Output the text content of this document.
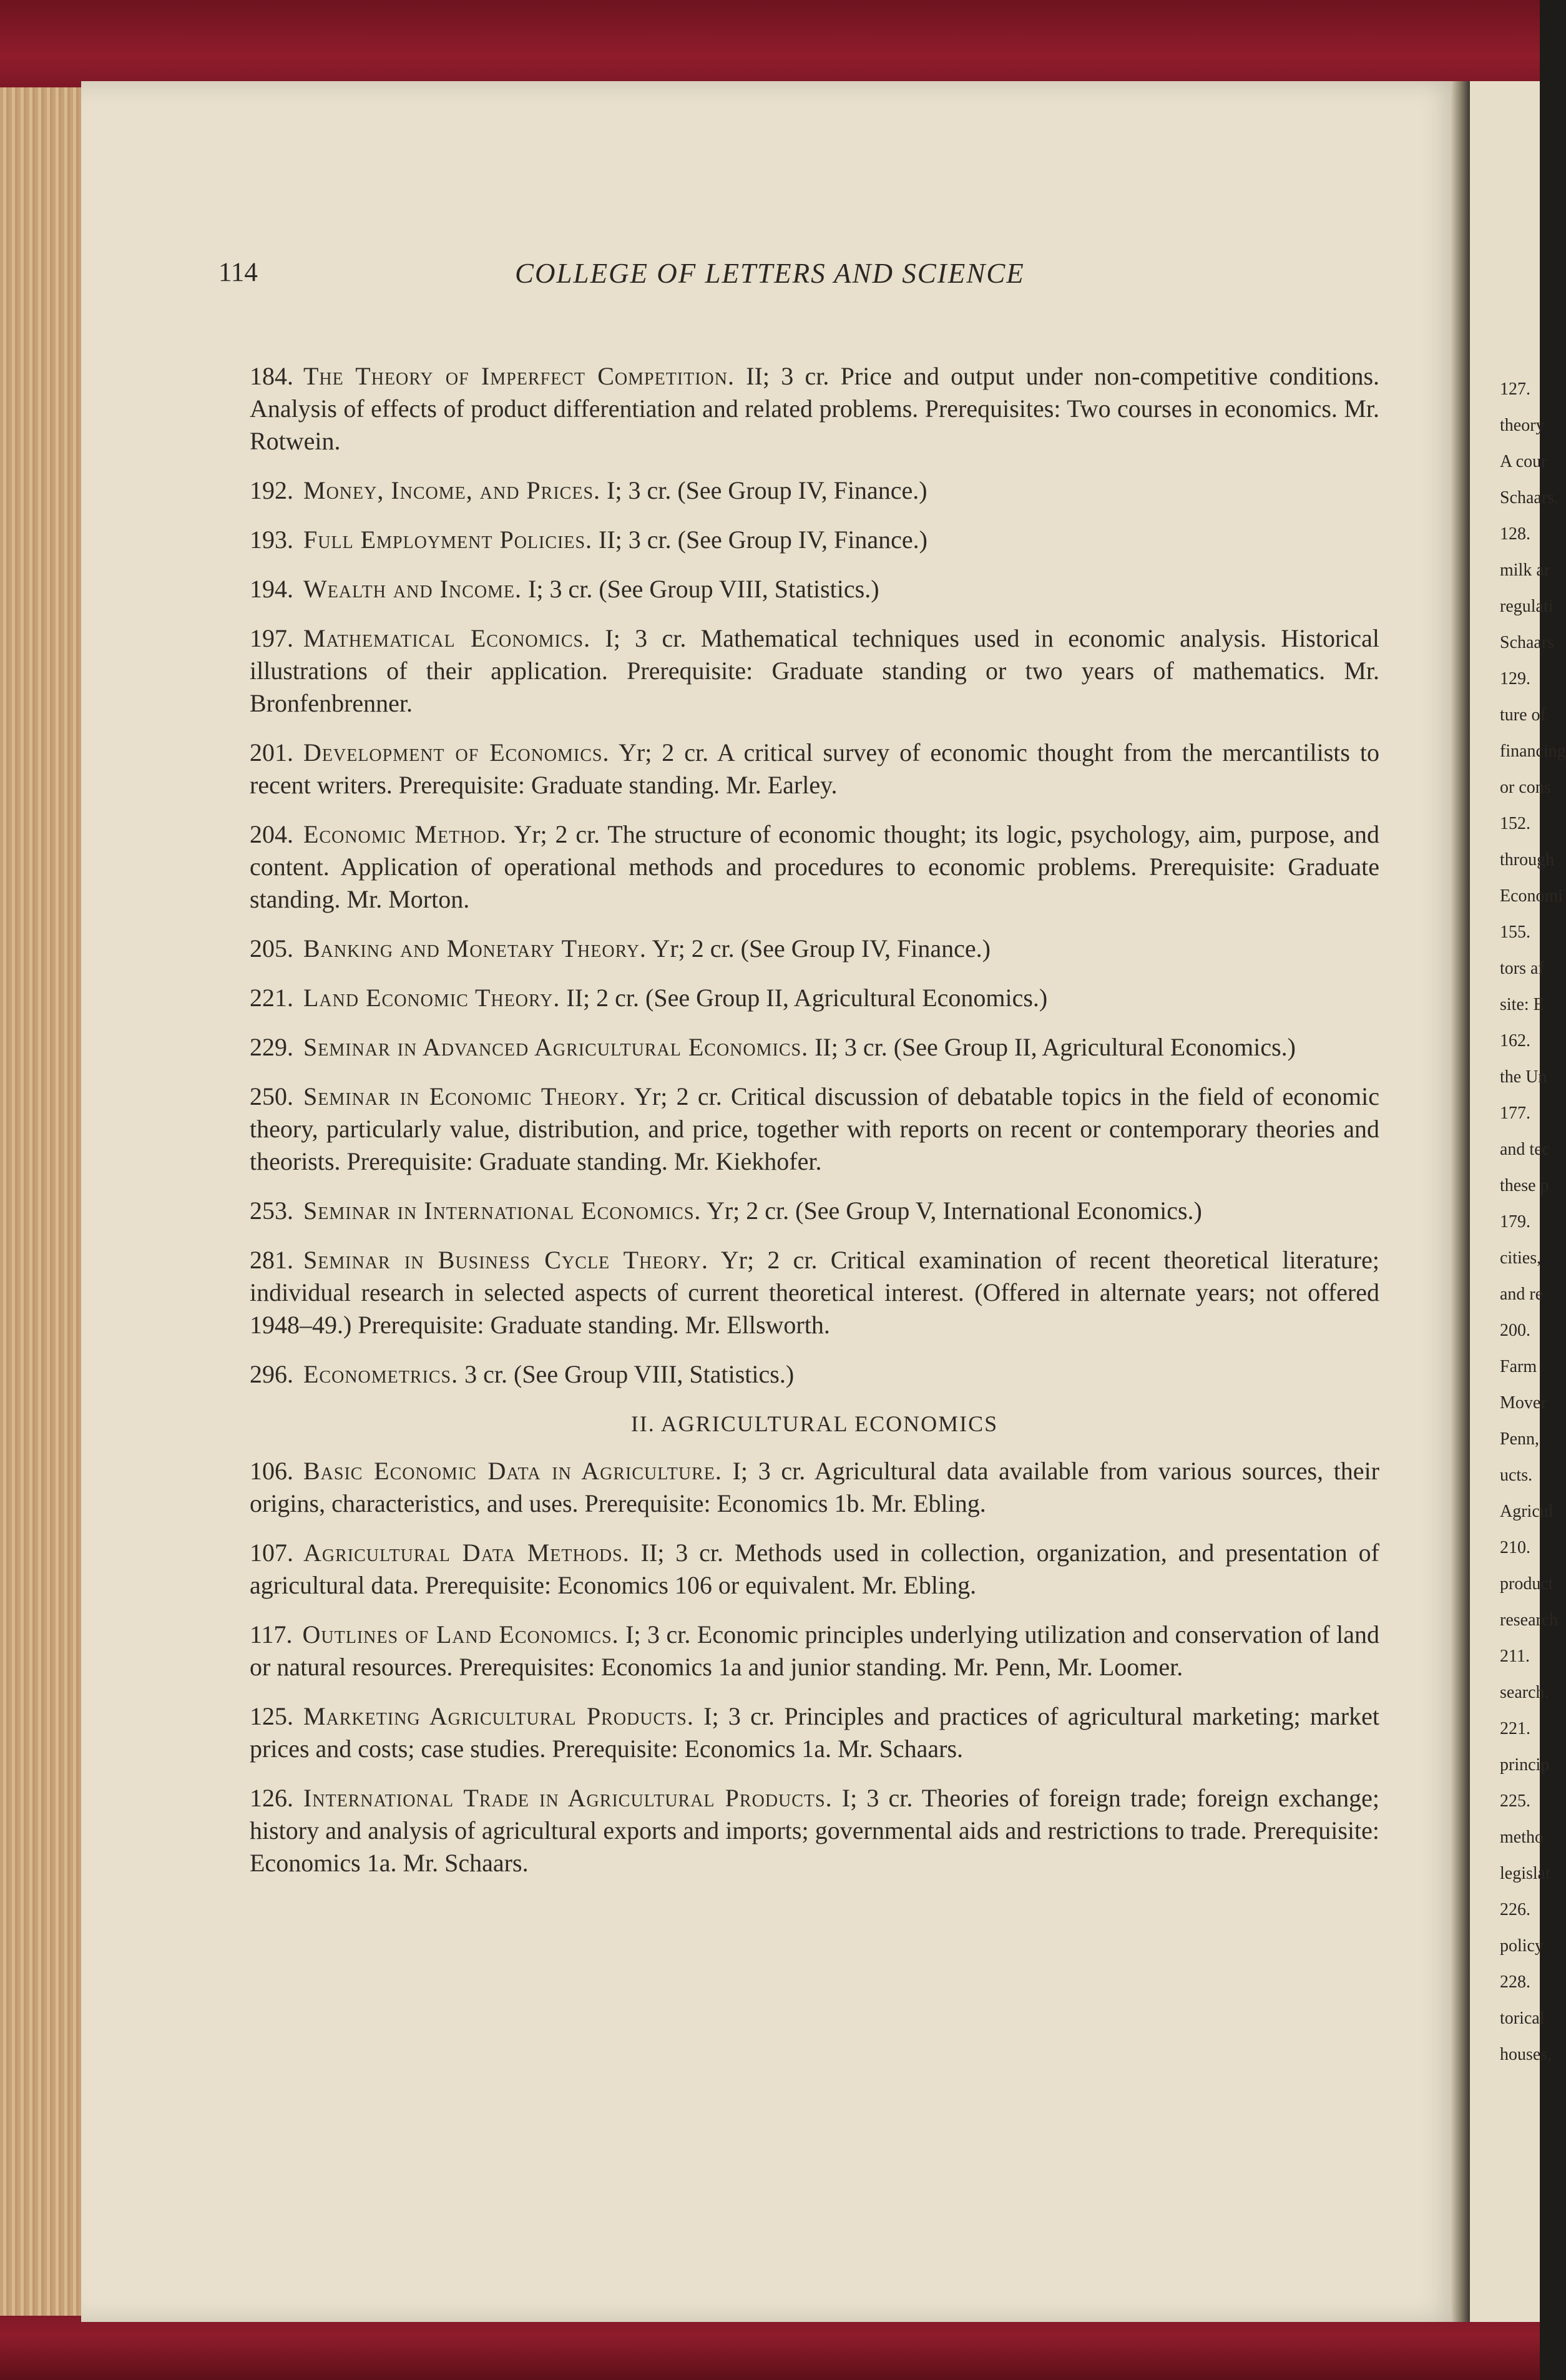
127.
theory
A cour
Schaars.
128.
milk ar
regulati
Schaars
129.
ture of
financing
or cons
152.
through
Economi
155.
tors af
site: E
162.
the Un
177.
and tec
these p
179.
cities,
and re
200.
Farm
Mover
Penn,
ucts.
Agricul
210.
product
research
211.
search.
221.
princip
225.
metho
legislat
226.
policy
228.
torical
houses,
114	COLLEGE OF LETTERS AND SCIENCE

184. The Theory of Imperfect Competition. II; 3 cr. Price and output under non-competitive conditions. Analysis of effects of product differentiation and related problems. Prerequisites: Two courses in economics. Mr. Rotwein.

192. Money, Income, and Prices. I; 3 cr. (See Group IV, Finance.)

193. Full Employment Policies. II; 3 cr. (See Group IV, Finance.)

194. Wealth and Income. I; 3 cr. (See Group VIII, Statistics.)

197. Mathematical Economics. I; 3 cr. Mathematical techniques used in economic analysis. Historical illustrations of their application. Prerequisite: Graduate standing or two years of mathematics. Mr. Bronfenbrenner.

201. Development of Economics. Yr; 2 cr. A critical survey of economic thought from the mercantilists to recent writers. Prerequisite: Graduate standing. Mr. Earley.

204. Economic Method. Yr; 2 cr. The structure of economic thought; its logic, psychology, aim, purpose, and content. Application of operational methods and procedures to economic problems. Prerequisite: Graduate standing. Mr. Morton.

205. Banking and Monetary Theory. Yr; 2 cr. (See Group IV, Finance.)

221. Land Economic Theory. II; 2 cr. (See Group II, Agricultural Economics.)

229. Seminar in Advanced Agricultural Economics. II; 3 cr. (See Group II, Agricultural Economics.)

250. Seminar in Economic Theory. Yr; 2 cr. Critical discussion of debatable topics in the field of economic theory, particularly value, distribution, and price, together with reports on recent or contemporary theories and theorists. Prerequisite: Graduate standing. Mr. Kiekhofer.

253. Seminar in International Economics. Yr; 2 cr. (See Group V, International Economics.)

281. Seminar in Business Cycle Theory. Yr; 2 cr. Critical examination of recent theoretical literature; individual research in selected aspects of current theoretical interest. (Offered in alternate years; not offered 1948–49.) Prerequisite: Graduate standing. Mr. Ellsworth.

296. Econometrics. 3 cr. (See Group VIII, Statistics.)

II. AGRICULTURAL ECONOMICS

106. Basic Economic Data in Agriculture. I; 3 cr. Agricultural data available from various sources, their origins, characteristics, and uses. Prerequisite: Economics 1b. Mr. Ebling.

107. Agricultural Data Methods. II; 3 cr. Methods used in collection, organization, and presentation of agricultural data. Prerequisite: Economics 106 or equivalent. Mr. Ebling.

117. Outlines of Land Economics. I; 3 cr. Economic principles underlying utilization and conservation of land or natural resources. Prerequisites: Economics 1a and junior standing. Mr. Penn, Mr. Loomer.

125. Marketing Agricultural Products. I; 3 cr. Principles and practices of agricultural marketing; market prices and costs; case studies. Prerequisite: Economics 1a. Mr. Schaars.

126. International Trade in Agricultural Products. I; 3 cr. Theories of foreign trade; foreign exchange; history and analysis of agricultural exports and imports; governmental aids and restrictions to trade. Prerequisite: Economics 1a. Mr. Schaars.
